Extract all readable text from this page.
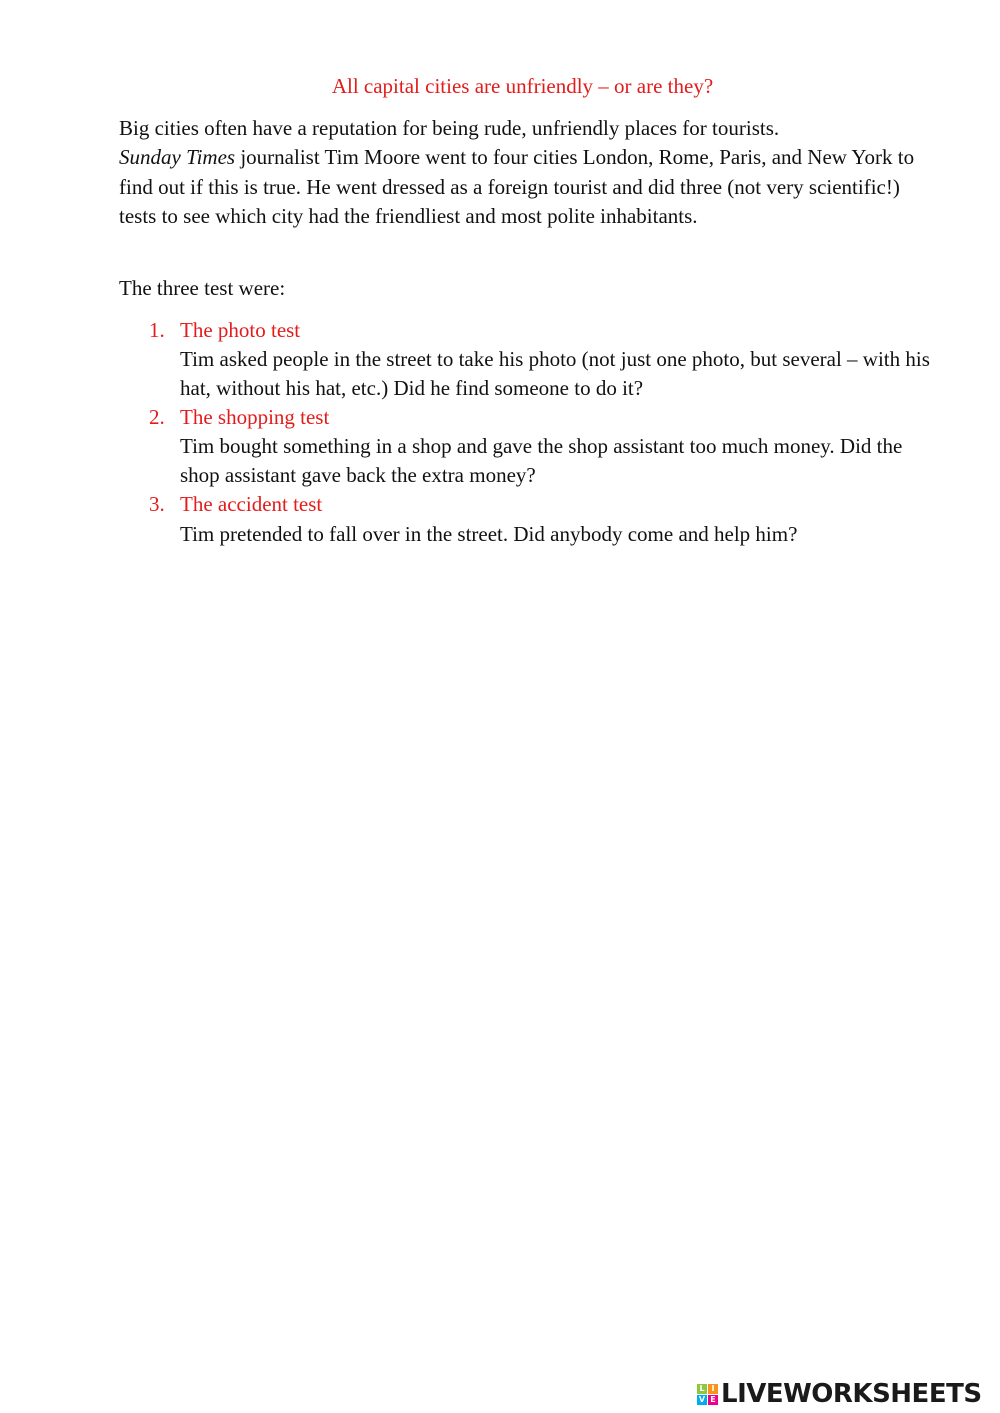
All capital cities are unfriendly – or are they?

Big cities often have a reputation for being rude, unfriendly places for tourists.
Sunday Times journalist Tim Moore went to four cities London, Rome, Paris, and New York to find out if this is true. He went dressed as a foreign tourist and did three (not very scientific!) tests to see which city had the friendliest and most polite inhabitants.

The three test were:

1. The photo test
Tim asked people in the street to take his photo (not just one photo, but several – with his hat, without his hat, etc.) Did he find someone to do it?
2. The shopping test
Tim bought something in a shop and gave the shop assistant too much money. Did the shop assistant gave back the extra money?
3. The accident test
Tim pretended to fall over in the street. Did anybody come and help him?
L I
V E LIVEWORKSHEETS
